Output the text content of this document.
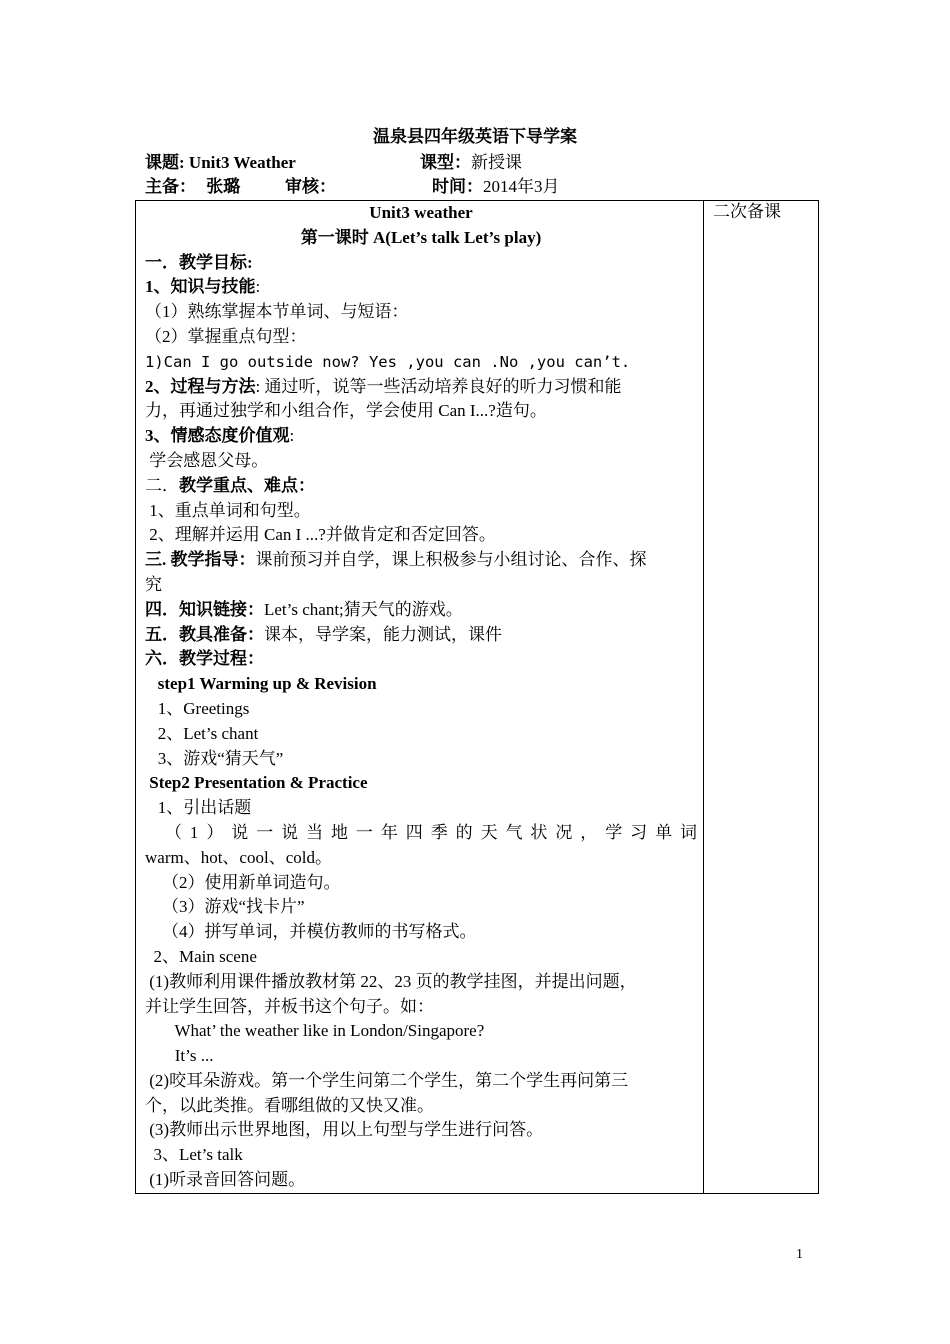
温泉县四年级英语下导学案
课题: Unit3 Weather	课型：新授课
主备： 张璐	审核：	时间：2014年3月
二次备课
Unit3 weather
第一课时 A(Let’s talk Let’s play)
一．教学目标:
1、知识与技能:
（1）熟练掌握本节单词、与短语：
（2）掌握重点句型：
1)Can I go outside now? Yes ,you can .No ,you can’t.
2、过程与方法: 通过听，说等一些活动培养良好的听力习惯和能
力，再通过独学和小组合作，学会使用 Can I...?造句。
3、情感态度价值观:
学会感恩父母。
二．教学重点、难点：
1、重点单词和句型。
2、理解并运用 Can I ...?并做肯定和否定回答。
三. 教学指导：课前预习并自学，课上积极参与小组讨论、合作、探
究
四．知识链接：Let’s chant;猜天气的游戏。
五．教具准备：课本，导学案，能力测试，课件
六．教学过程：
step1 Warming up & Revision
1、Greetings
2、Let’s chant
3、游戏“猜天气”
Step2 Presentation & Practice
1、引出话题
（1）说一说当地一年四季的天气状况，学习单词
warm、hot、cool、cold。
（2）使用新单词造句。
（3）游戏“找卡片”
（4）拼写单词，并模仿教师的书写格式。
2、Main scene
(1)教师利用课件播放教材第 22、23 页的教学挂图，并提出问题，
并让学生回答，并板书这个句子。如：
What’ the weather like in London/Singapore?
It’s ...
(2)咬耳朵游戏。第一个学生问第二个学生，第二个学生再问第三
个，以此类推。看哪组做的又快又准。
(3)教师出示世界地图，用以上句型与学生进行问答。
3、Let’s talk
(1)听录音回答问题。
1
